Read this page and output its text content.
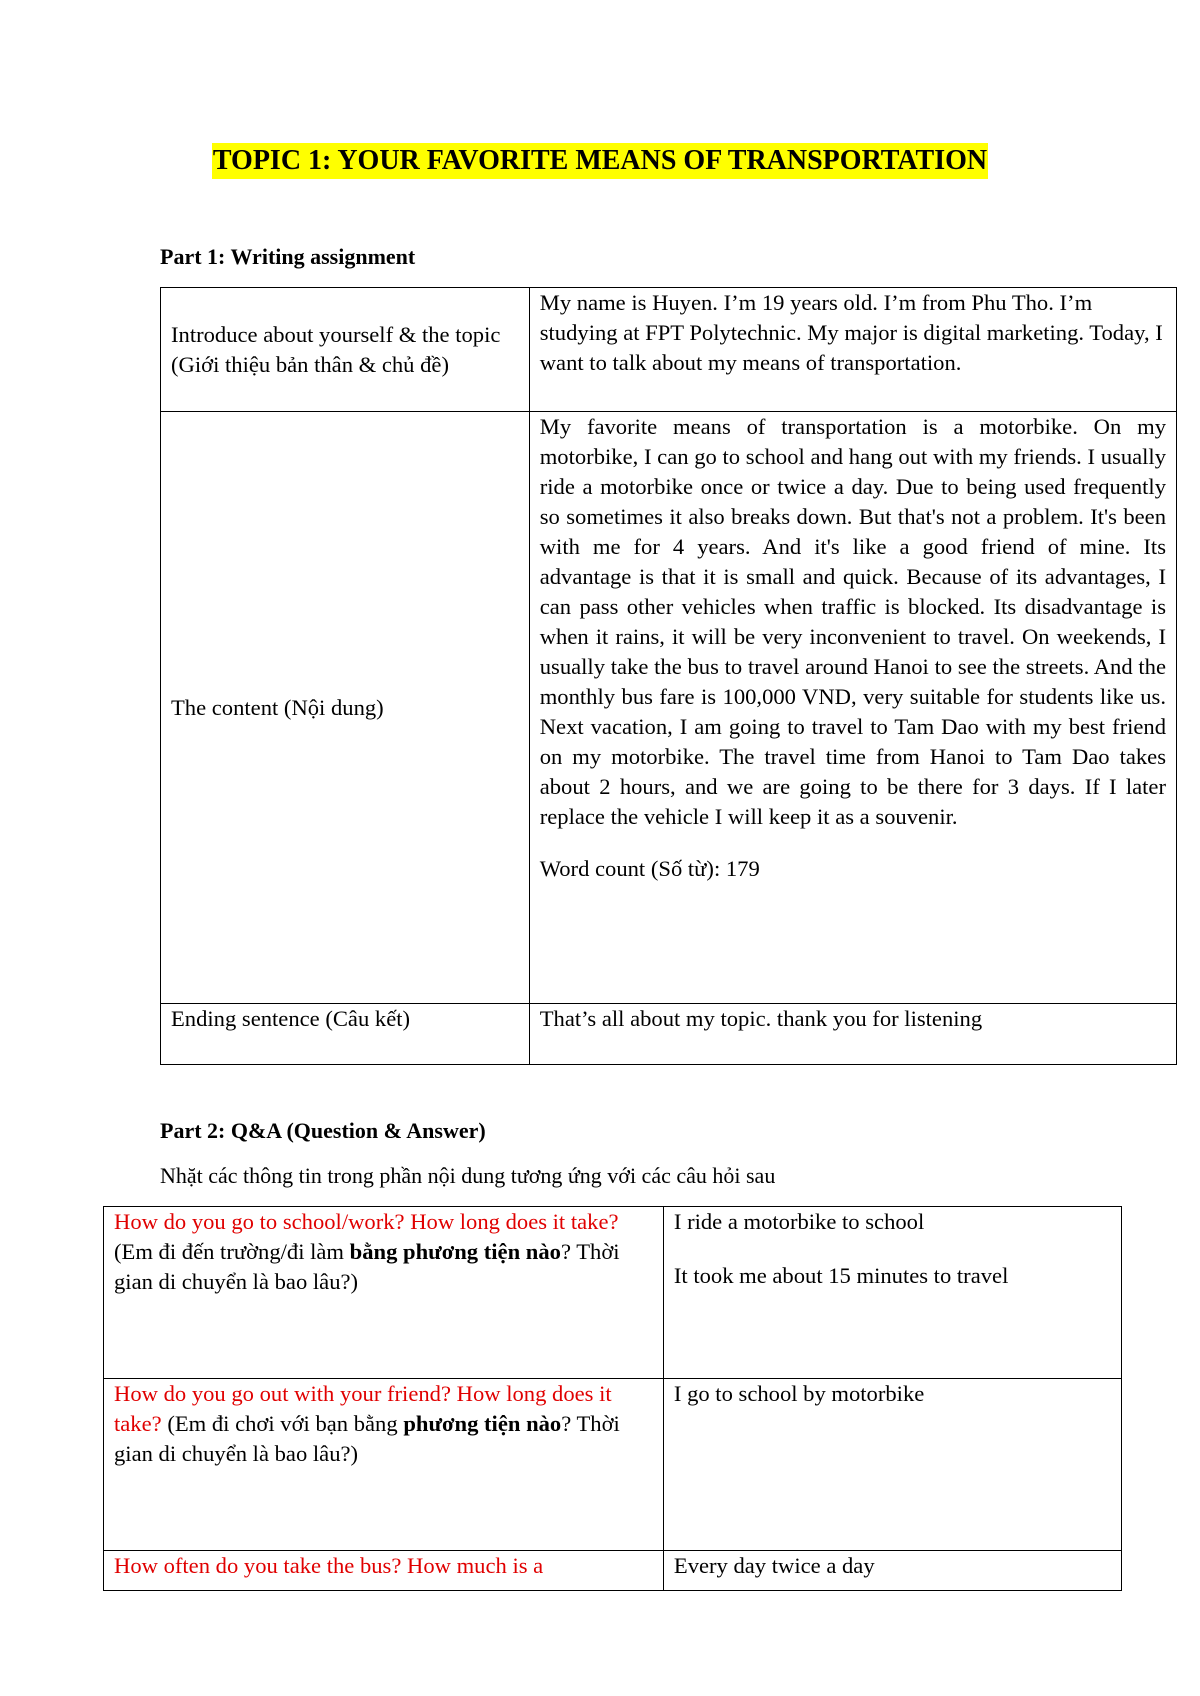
TOPIC 1: YOUR FAVORITE MEANS OF TRANSPORTATION
Part 1: Writing assignment
Introduce about yourself & the topic
(Giới thiệu bản thân & chủ đề)	My name is Huyen. I’m 19 years old. I’m from Phu Tho. I’m studying at FPT Polytechnic. My major is digital marketing. Today, I want to talk about my means of transportation.
The content (Nội dung)	My favorite means of transportation is a motorbike. On my motorbike, I can go to school and hang out with my friends. I usually ride a motorbike once or twice a day. Due to being used frequently so sometimes it also breaks down. But that's not a problem. It's been with me for 4 years. And it's like a good friend of mine. Its advantage is that it is small and quick. Because of its advantages, I can pass other vehicles when traffic is blocked. Its disadvantage is when it rains, it will be very inconvenient to travel. On weekends, I usually take the bus to travel around Hanoi to see the streets. And the monthly bus fare is 100,000 VND, very suitable for students like us. Next vacation, I am going to travel to Tam Dao with my best friend on my motorbike. The travel time from Hanoi to Tam Dao takes about 2 hours, and we are going to be there for 3 days. If I later replace the vehicle I will keep it as a souvenir.
Word count (Số từ): 179

Ending sentence (Câu kết)	That’s all about my topic. thank you for listening
Part 2: Q&A (Question & Answer)
Nhặt các thông tin trong phần nội dung tương ứng với các câu hỏi sau
How do you go to school/work? How long does it take? (Em đi đến trường/đi làm bằng phương tiện nào? Thời gian di chuyển là bao lâu?)	I ride a motorbike to school
It took me about 15 minutes to travel

How do you go out with your friend? How long does it take? (Em đi chơi với bạn bằng phương tiện nào? Thời gian di chuyển là bao lâu?)	I go to school by motorbike

How often do you take the bus? How much is a	Every day twice a day
